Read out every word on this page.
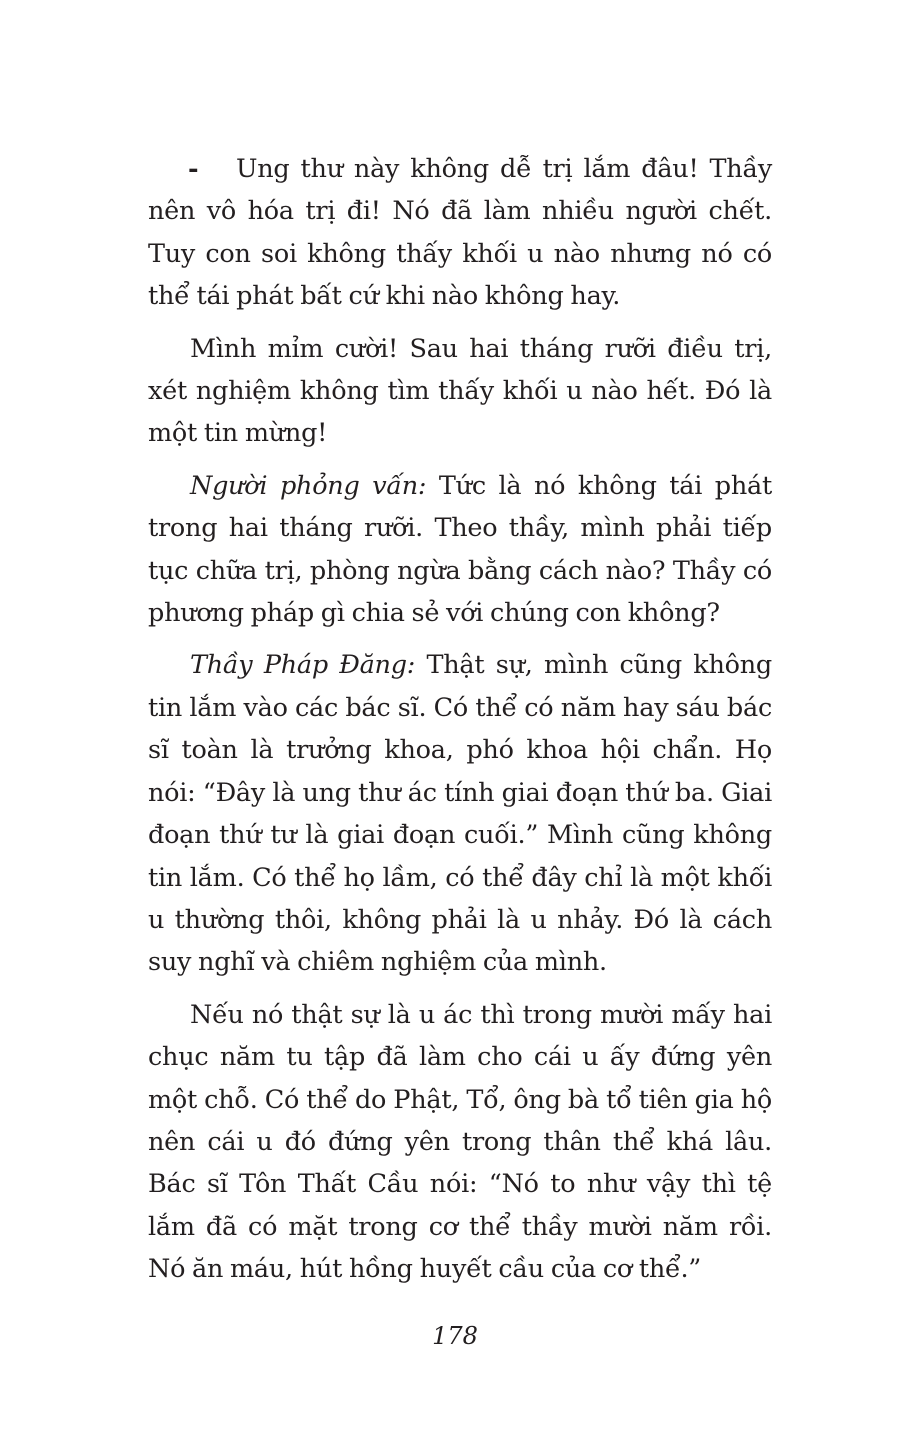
- Ung thư này không dễ trị lắm đâu! Thầy nên vô hóa trị đi! Nó đã làm nhiều người chết. Tuy con soi không thấy khối u nào nhưng nó có thể tái phát bất cứ khi nào không hay.

Mình mỉm cười! Sau hai tháng rưỡi điều trị, xét nghiệm không tìm thấy khối u nào hết. Đó là một tin mừng!

Người phỏng vấn: Tức là nó không tái phát trong hai tháng rưỡi. Theo thầy, mình phải tiếp tục chữa trị, phòng ngừa bằng cách nào? Thầy có phương pháp gì chia sẻ với chúng con không?

Thầy Pháp Đăng: Thật sự, mình cũng không tin lắm vào các bác sĩ. Có thể có năm hay sáu bác sĩ toàn là trưởng khoa, phó khoa hội chẩn. Họ nói: “Đây là ung thư ác tính giai đoạn thứ ba. Giai đoạn thứ tư là giai đoạn cuối.” Mình cũng không tin lắm. Có thể họ lầm, có thể đây chỉ là một khối u thường thôi, không phải là u nhảy. Đó là cách suy nghĩ và chiêm nghiệm của mình.

Nếu nó thật sự là u ác thì trong mười mấy hai chục năm tu tập đã làm cho cái u ấy đứng yên một chỗ. Có thể do Phật, Tổ, ông bà tổ tiên gia hộ nên cái u đó đứng yên trong thân thể khá lâu. Bác sĩ Tôn Thất Cầu nói: “Nó to như vậy thì tệ lắm đã có mặt trong cơ thể thầy mười năm rồi. Nó ăn máu, hút hồng huyết cầu của cơ thể.”

178
